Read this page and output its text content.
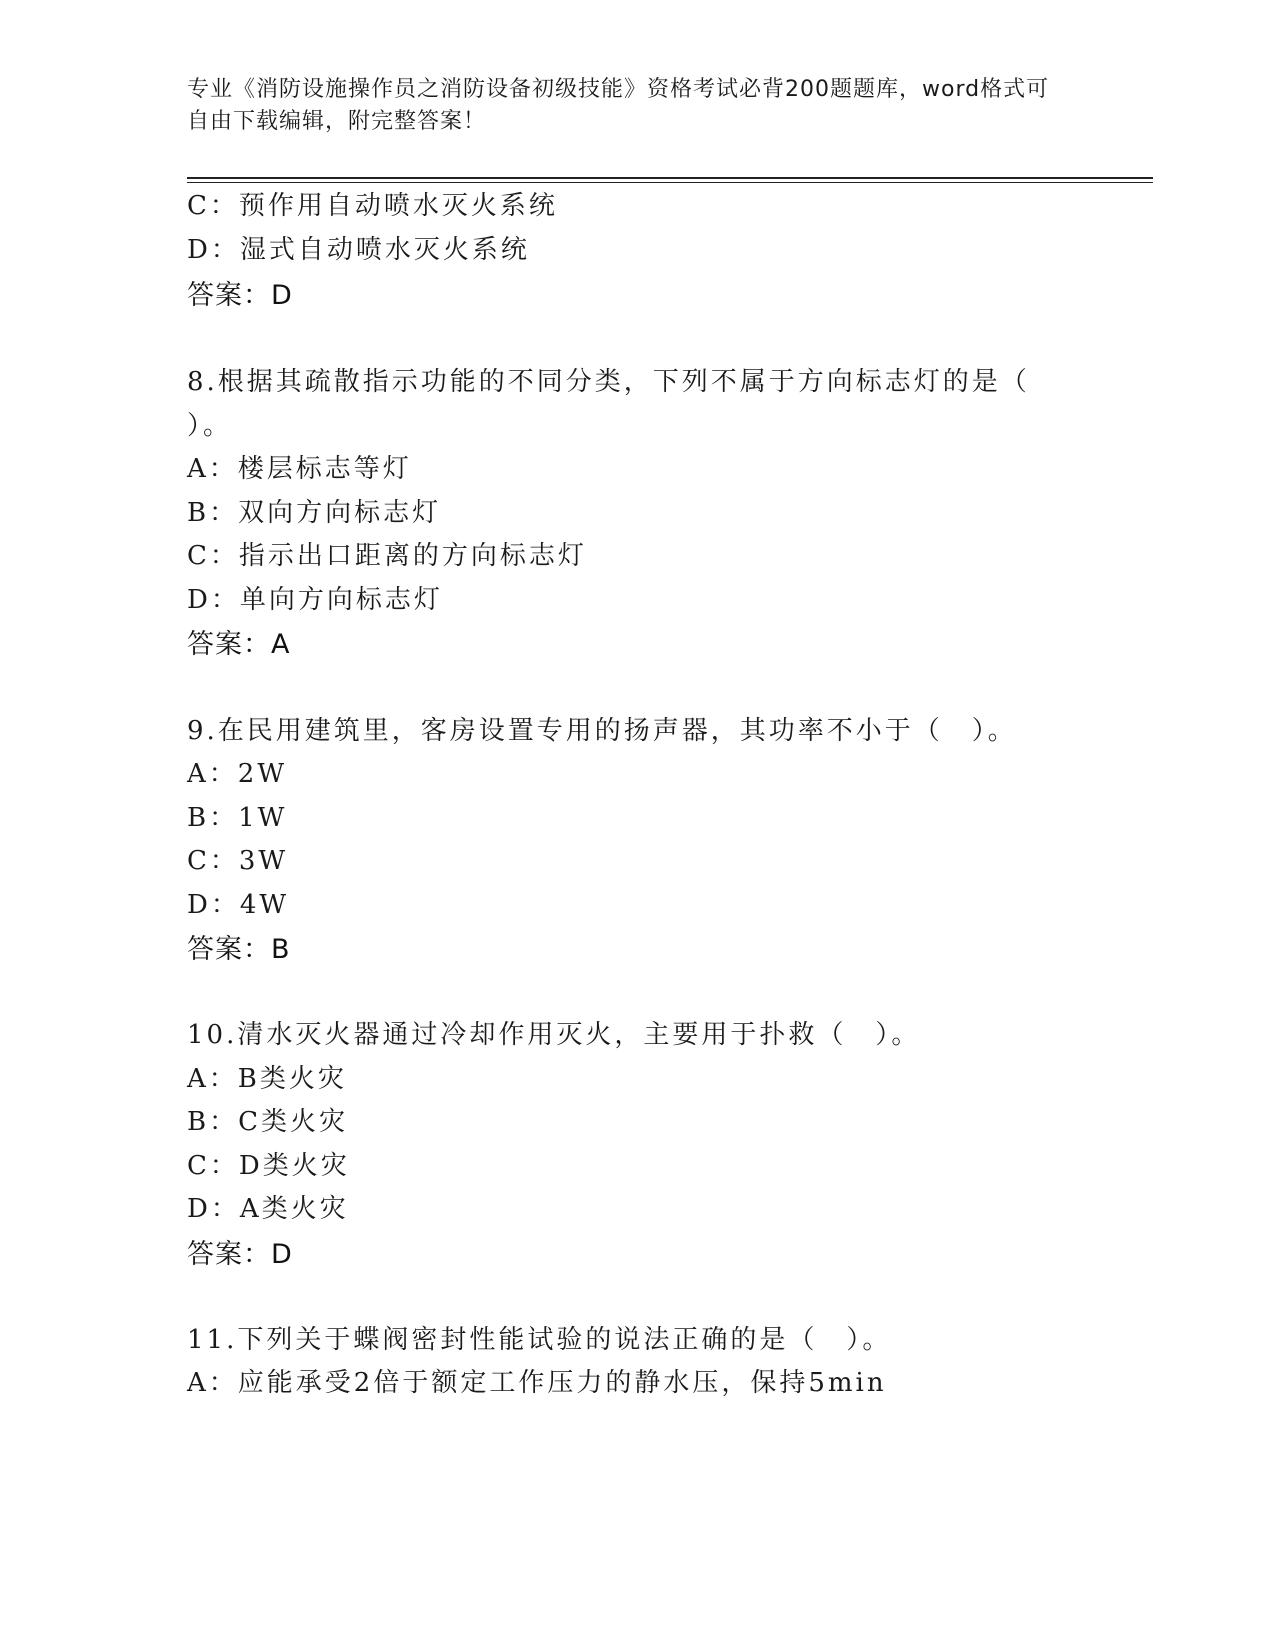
专业《消防设施操作员之消防设备初级技能》资格考试必背200题题库，word格式可自由下载编辑，附完整答案！
C：预作用自动喷水灭火系统
D：湿式自动喷水灭火系统
答案：D
8.根据其疏散指示功能的不同分类，下列不属于方向标志灯的是（
）。
A：楼层标志等灯
B：双向方向标志灯
C：指示出口距离的方向标志灯
D：单向方向标志灯
答案：A
9.在民用建筑里，客房设置专用的扬声器，其功率不小于（　）。
A：2W
B：1W
C：3W
D：4W
答案：B
10.清水灭火器通过冷却作用灭火，主要用于扑救（　）。
A：B类火灾
B：C类火灾
C：D类火灾
D：A类火灾
答案：D
11.下列关于蝶阀密封性能试验的说法正确的是（　）。
A：应能承受2倍于额定工作压力的静水压，保持5min
